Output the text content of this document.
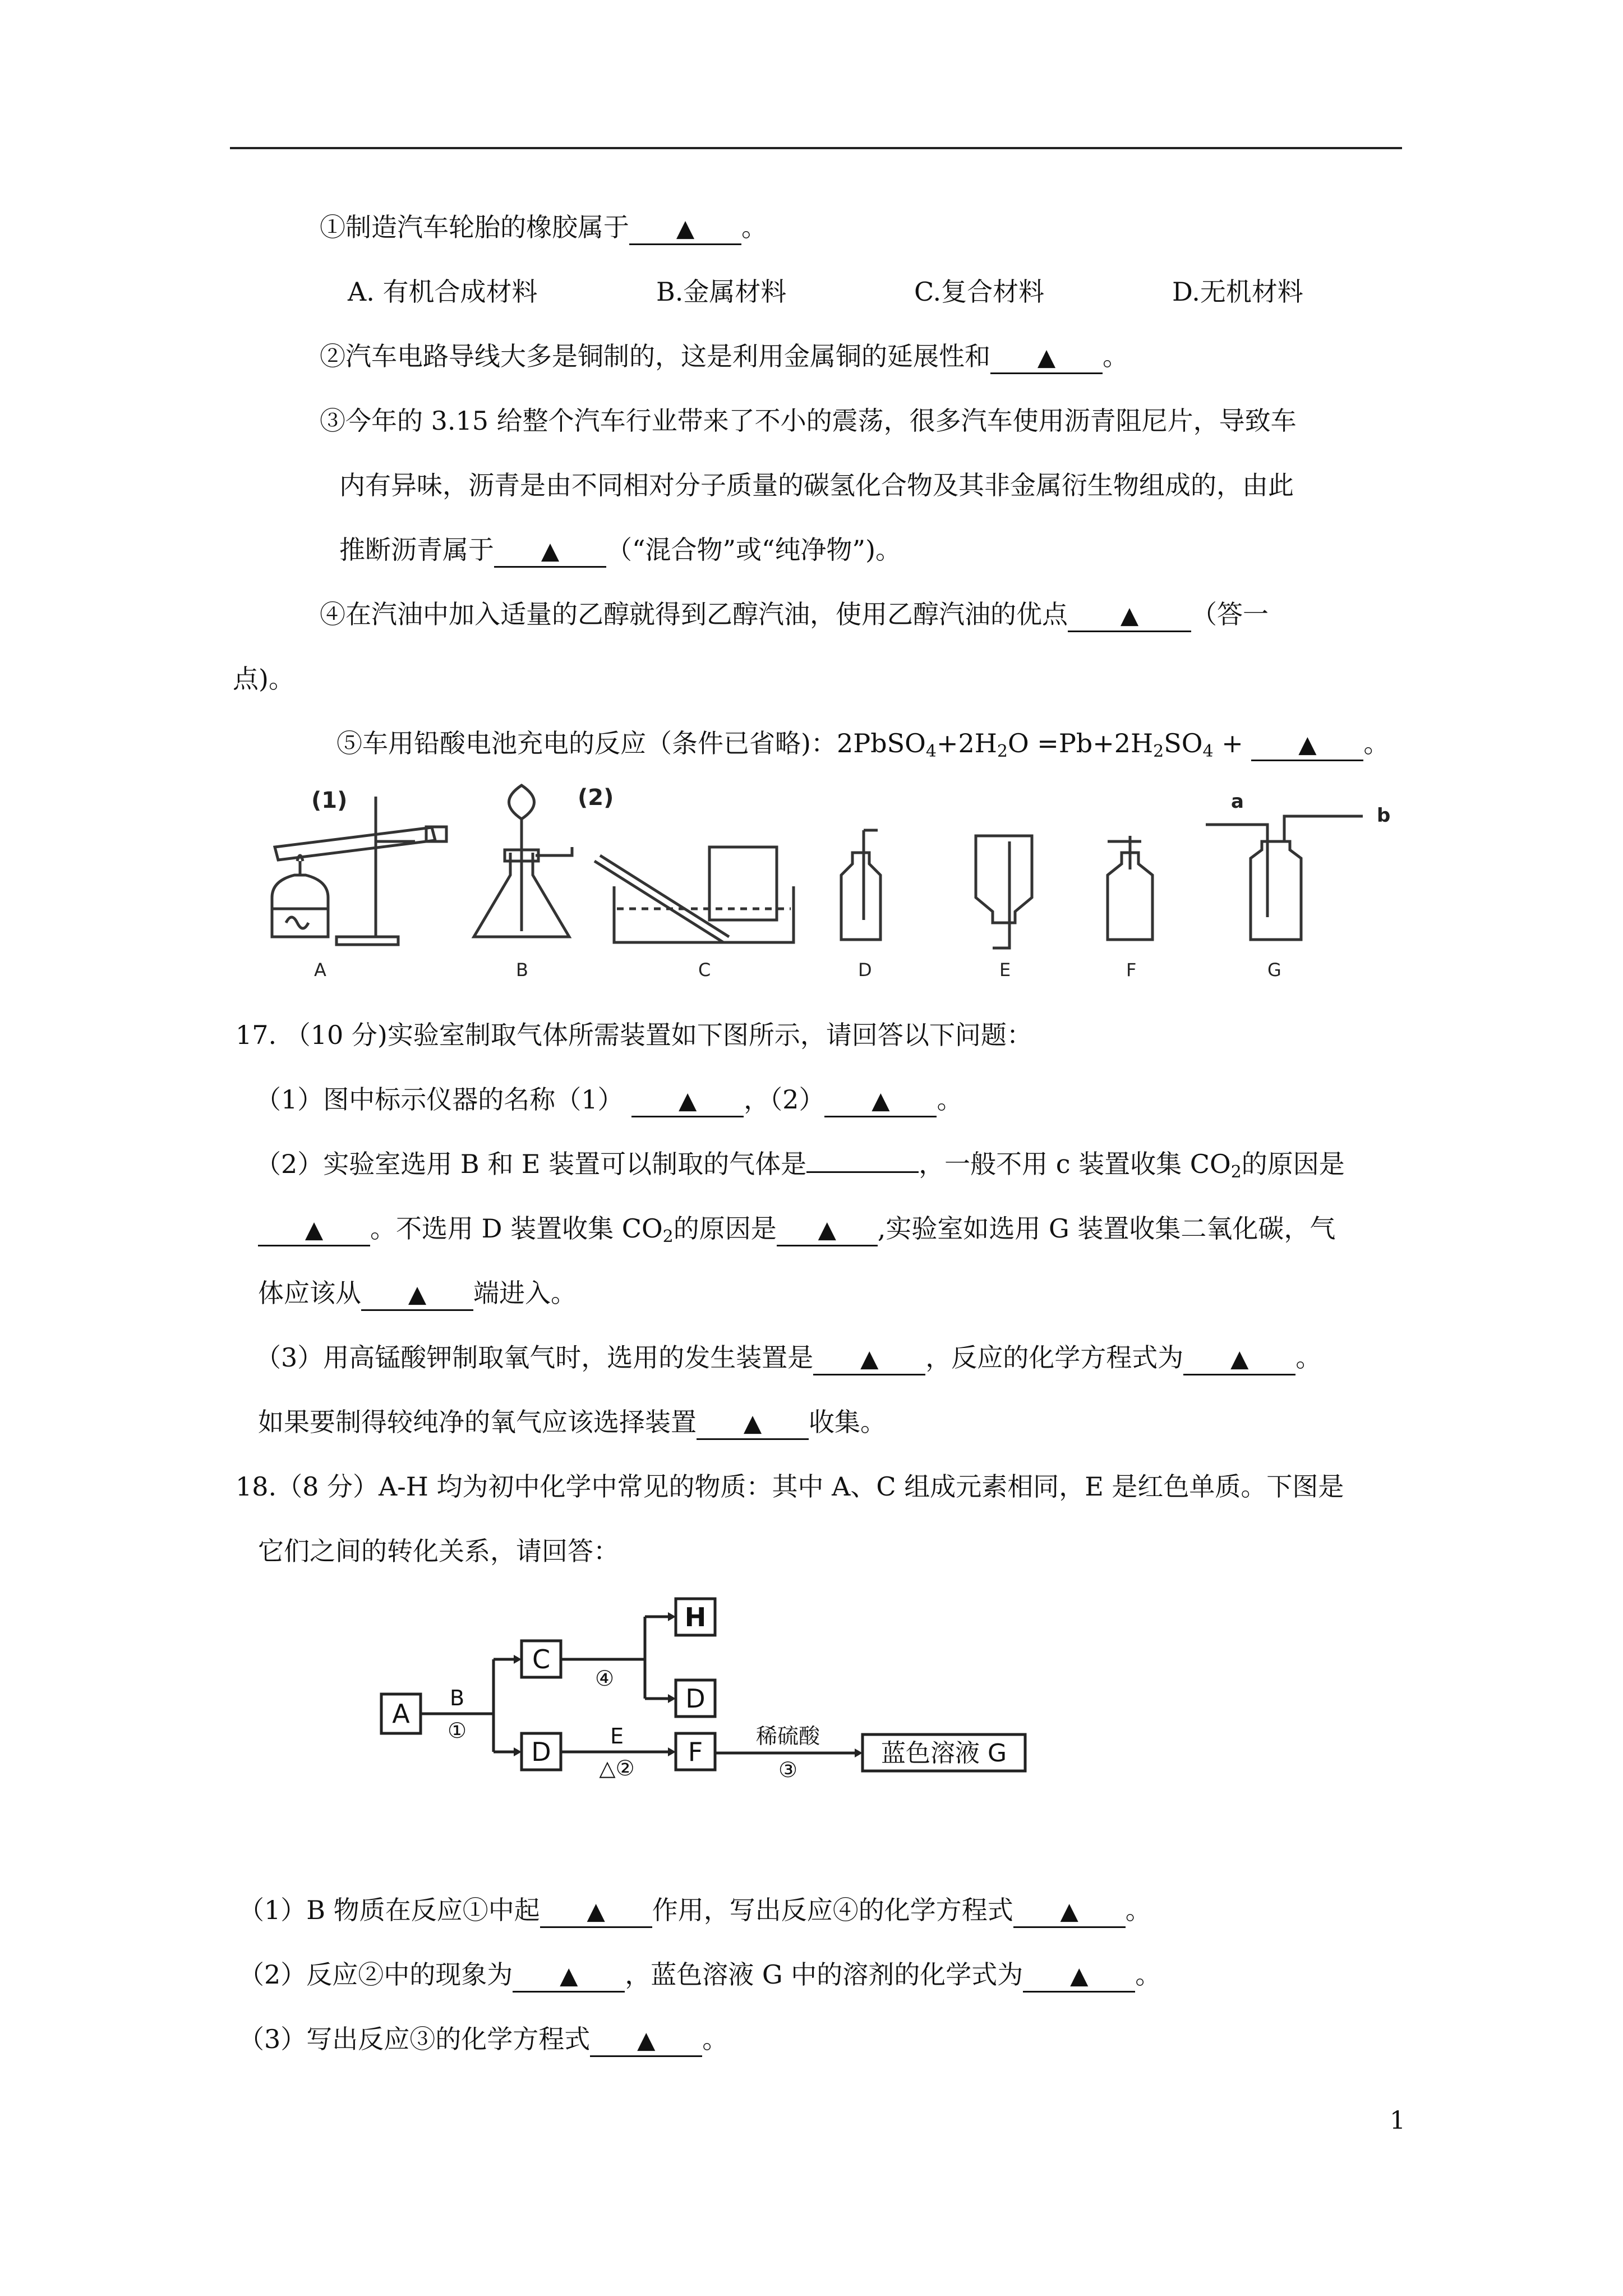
①制造汽车轮胎的橡胶属于 ▲ 。
A. 有机合成材料	B.金属材料	C.复合材料	D.无机材料
②汽车电路导线大多是铜制的，这是利用金属铜的延展性和 ▲ 。
③今年的 3.15 给整个汽车行业带来了不小的震荡，很多汽车使用沥青阻尼片，导致车
内有异味，沥青是由不同相对分子质量的碳氢化合物及其非金属衍生物组成的，由此
推断沥青属于 ▲ （“混合物”或“纯净物”)。
④在汽油中加入适量的乙醇就得到乙醇汽油，使用乙醇汽油的优点 ▲ （答一
点)。
⑤车用铅酸电池充电的反应（条件已省略)：$2PbSO_4+2H_2O =Pb+2H_2SO_4$ + ▲ 。
(1)	(2)	a
b
A	B	C	D	E	F	G
17. （10 分)实验室制取气体所需装置如下图所示，请回答以下问题：
（1）图中标示仪器的名称（1） ▲ ，（2） ▲ 。
（2）实验室选用 B 和 E 装置可以制取的气体是	，一般不用 c 装置收集 $CO_2$的原因是
▲ 。不选用 D 装置收集 $CO_2$的原因是 ▲ ,实验室如选用 G 装置收集二氧化碳，气
体应该从 ▲ 端进入。
（3）用高锰酸钾制取氧气时，选用的发生装置是 ▲ ，反应的化学方程式为 ▲ 。
如果要制得较纯净的氧气应该选择装置 ▲ 收集。
18.（8 分）A-H 均为初中化学中常见的物质：其中 A、C 组成元素相同，E 是红色单质。下图是
它们之间的转化关系，请回答：
A
C
H
D
D	F	蓝色溶液 G
B
①
④
E
△②
稀硫酸
③
（1）B 物质在反应①中起 ▲ 作用，写出反应④的化学方程式 ▲ 。
（2）反应②中的现象为 ▲ ，蓝色溶液 G 中的溶剂的化学式为 ▲ 。
（3）写出反应③的化学方程式 ▲ 。
1
